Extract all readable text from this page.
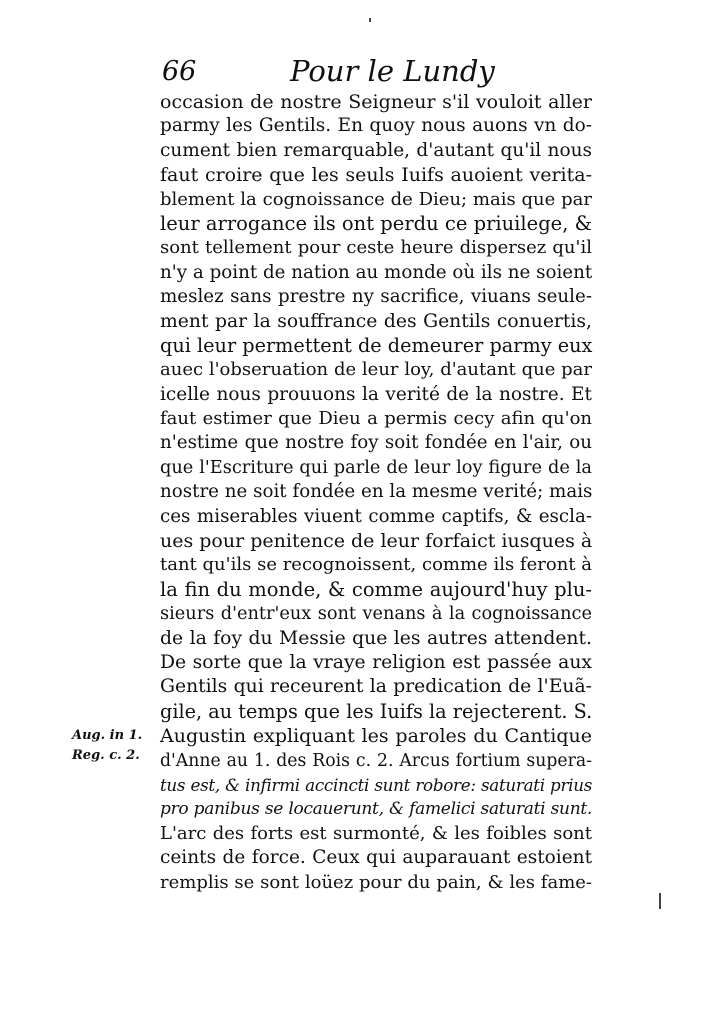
66	Pour le Lundy
Aug. in 1.
Reg. c. 2.
occasion de nostre Seigneur s'il vouloit aller
parmy les Gentils. En quoy nous auons vn do-
cument bien remarquable, d'autant qu'il nous
faut croire que les seuls Iuifs auoient verita-
blement la cognoissance de Dieu; mais que par
leur arrogance ils ont perdu ce priuilege, &
sont tellement pour ceste heure dispersez qu'il
n'y a point de nation au monde où ils ne soient
meslez sans prestre ny sacrifice, viuans seule-
ment par la souffrance des Gentils conuertis,
qui leur permettent de demeurer parmy eux
auec l'obseruation de leur loy, d'autant que par
icelle nous prouuons la verité de la nostre. Et
faut estimer que Dieu a permis cecy afin qu'on
n'estime que nostre foy soit fondée en l'air, ou
que l'Escriture qui parle de leur loy figure de la
nostre ne soit fondée en la mesme verité; mais
ces miserables viuent comme captifs, & escla-
ues pour penitence de leur forfaict iusques à
tant qu'ils se recognoissent, comme ils feront à
la fin du monde, & comme aujourd'huy plu-
sieurs d'entr'eux sont venans à la cognoissance
de la foy du Messie que les autres attendent.
De sorte que la vraye religion est passée aux
Gentils qui receurent la predication de l'Euã-
gile, au temps que les Iuifs la rejecterent. S.
Augustin expliquant les paroles du Cantique
d'Anne au 1. des Rois c. 2. Arcus fortium supera-
tus est, & infirmi accincti sunt robore: saturati prius
pro panibus se locauerunt, & famelici saturati sunt.
L'arc des forts est surmonté, & les foibles sont
ceints de force. Ceux qui auparauant estoient
remplis se sont loüez pour du pain, & les fame-
